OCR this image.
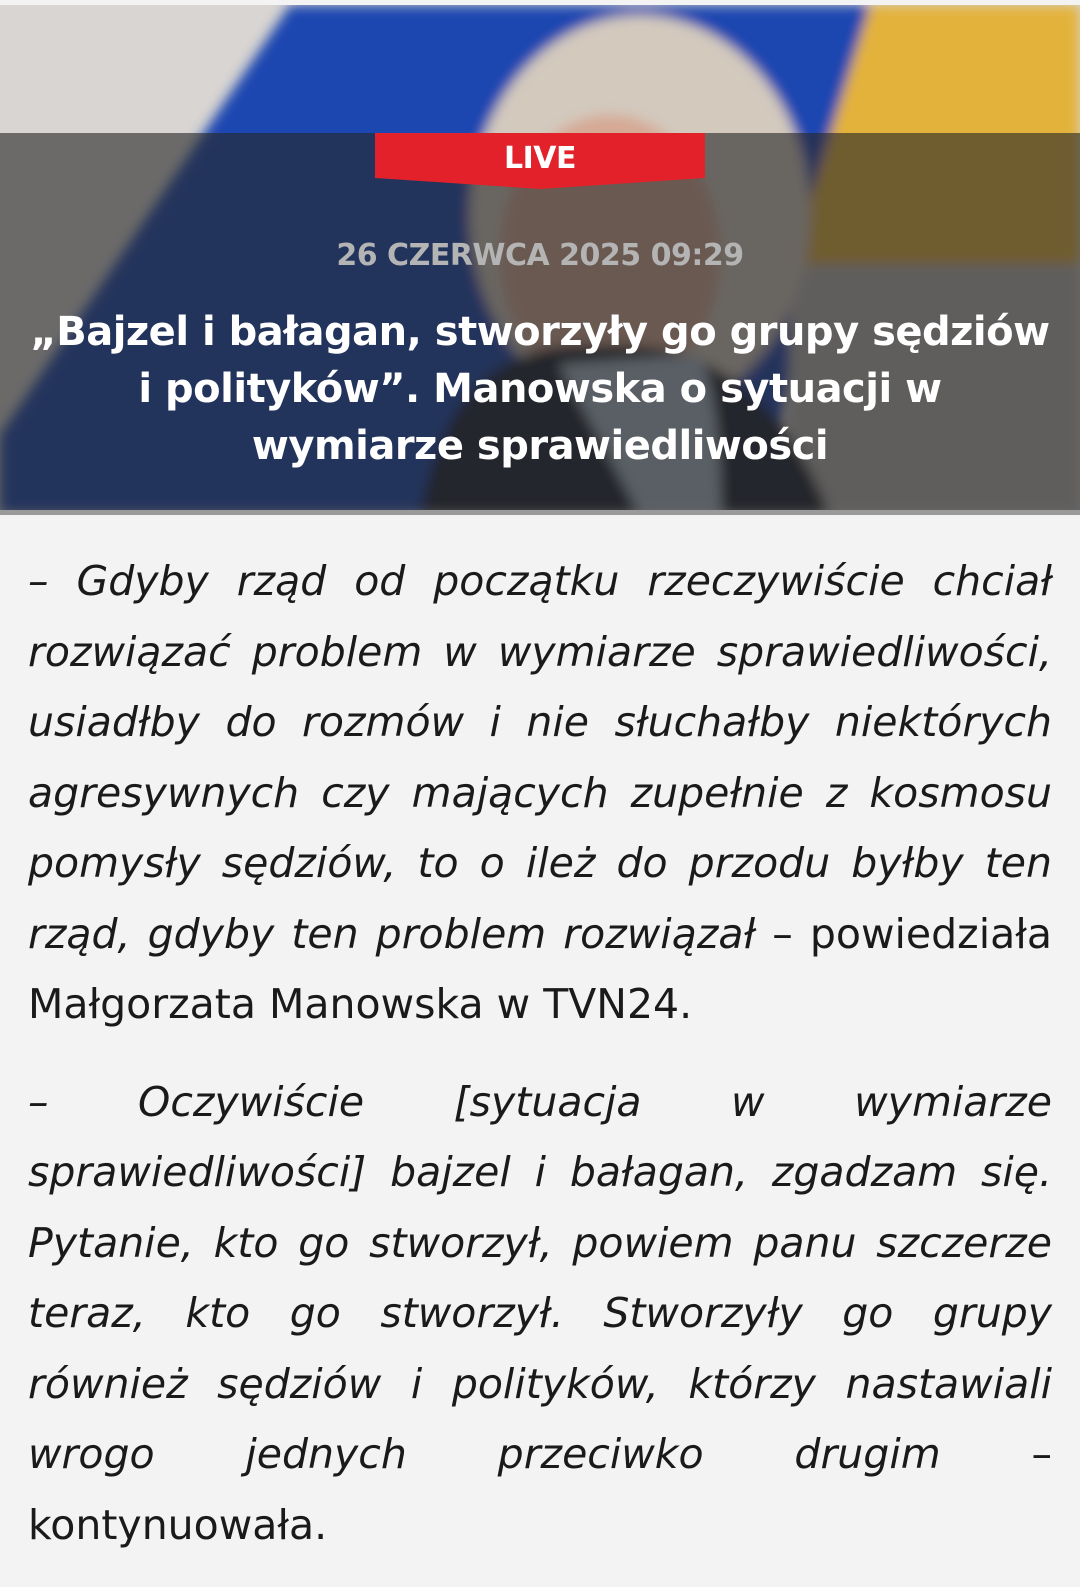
LIVE
26 CZERWCA 2025 09:29
„Bajzel i bałagan, stworzyły go grupy sędziów i polityków”. Manowska o sytuacji w wymiarze sprawiedliwości

– Gdyby rząd od początku rzeczywiście chciał rozwiązać problem w wymiarze sprawiedliwości, usiadłby do rozmów i nie słuchałby niektórych agresywnych czy mających zupełnie z kosmosu pomysły sędziów, to o ileż do przodu byłby ten rząd, gdyby ten problem rozwiązał – powiedziała Małgorzata Manowska w TVN24.

– Oczywiście [sytuacja w wymiarze sprawiedliwości] bajzel i bałagan, zgadzam się. Pytanie, kto go stworzył, powiem panu szczerze teraz, kto go stworzył. Stworzyły go grupy również sędziów i polityków, którzy nastawiali wrogo jednych przeciwko drugim – kontynuowała.
